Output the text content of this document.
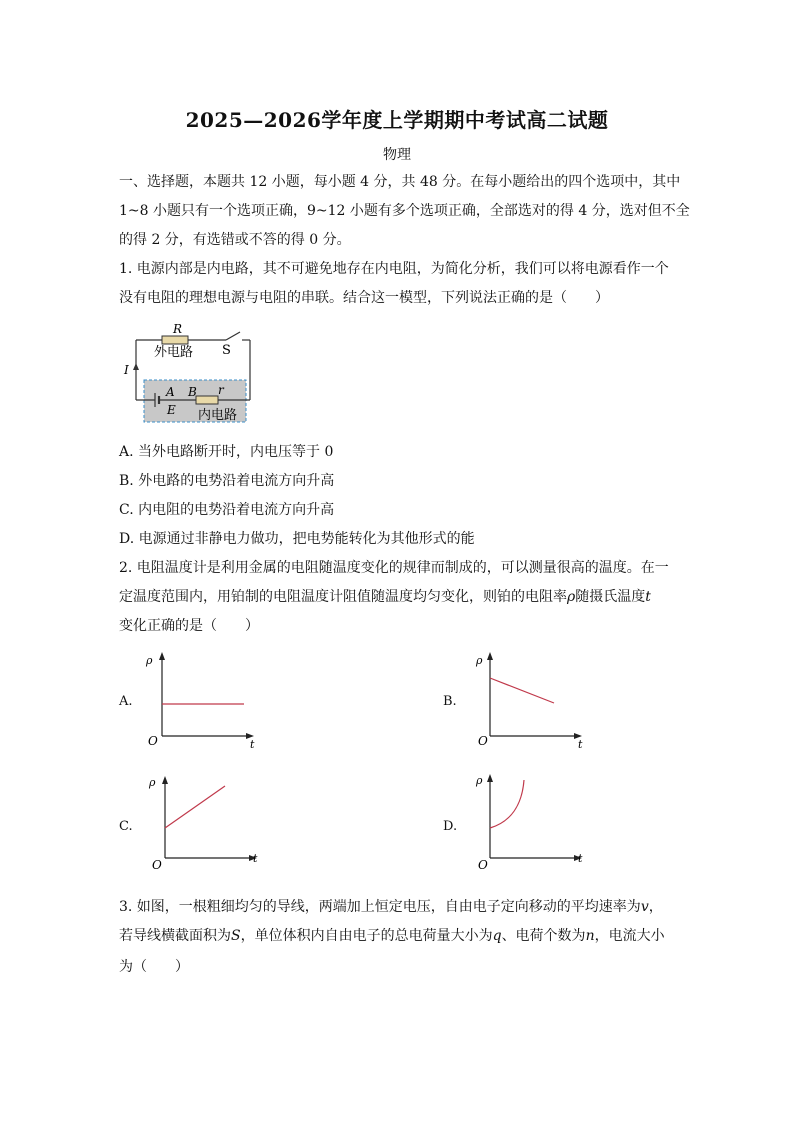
2025—2026学年度上学期期中考试高二试题
物理
一、选择题，本题共 12 小题，每小题 4 分，共 48 分。在每小题给出的四个选项中，其中
1~8 小题只有一个选项正确，9~12 小题有多个选项正确，全部选对的得 4 分，选对但不全
的得 2 分，有选错或不答的得 0 分。
1. 电源内部是内电路，其不可避免地存在内电阻，为简化分析，我们可以将电源看作一个
没有电阻的理想电源与电阻的串联。结合这一模型，下列说法正确的是（　　）
R
外电路 S
I
A B
E
r
内电路
A. 当外电路断开时，内电压等于 0
B. 外电路的电势沿着电流方向升高
C. 内电阻的电势沿着电流方向升高
D. 电源通过非静电力做功，把电势能转化为其他形式的能
2. 电阻温度计是利用金属的电阻随温度变化的规律而制成的，可以测量很高的温度。在一
定温度范围内，用铂制的电阻温度计阻值随温度均匀变化，则铂的电阻率ρ随摄氏温度t
变化正确的是（　　）
A.
ρ
t
O
B.
ρ
t
O
C.
ρ
t
O
D.
ρ
t
O
3. 如图，一根粗细均匀的导线，两端加上恒定电压，自由电子定向移动的平均速率为v，
若导线横截面积为S，单位体积内自由电子的总电荷量大小为q、电荷个数为n，电流大小
为（　　）
